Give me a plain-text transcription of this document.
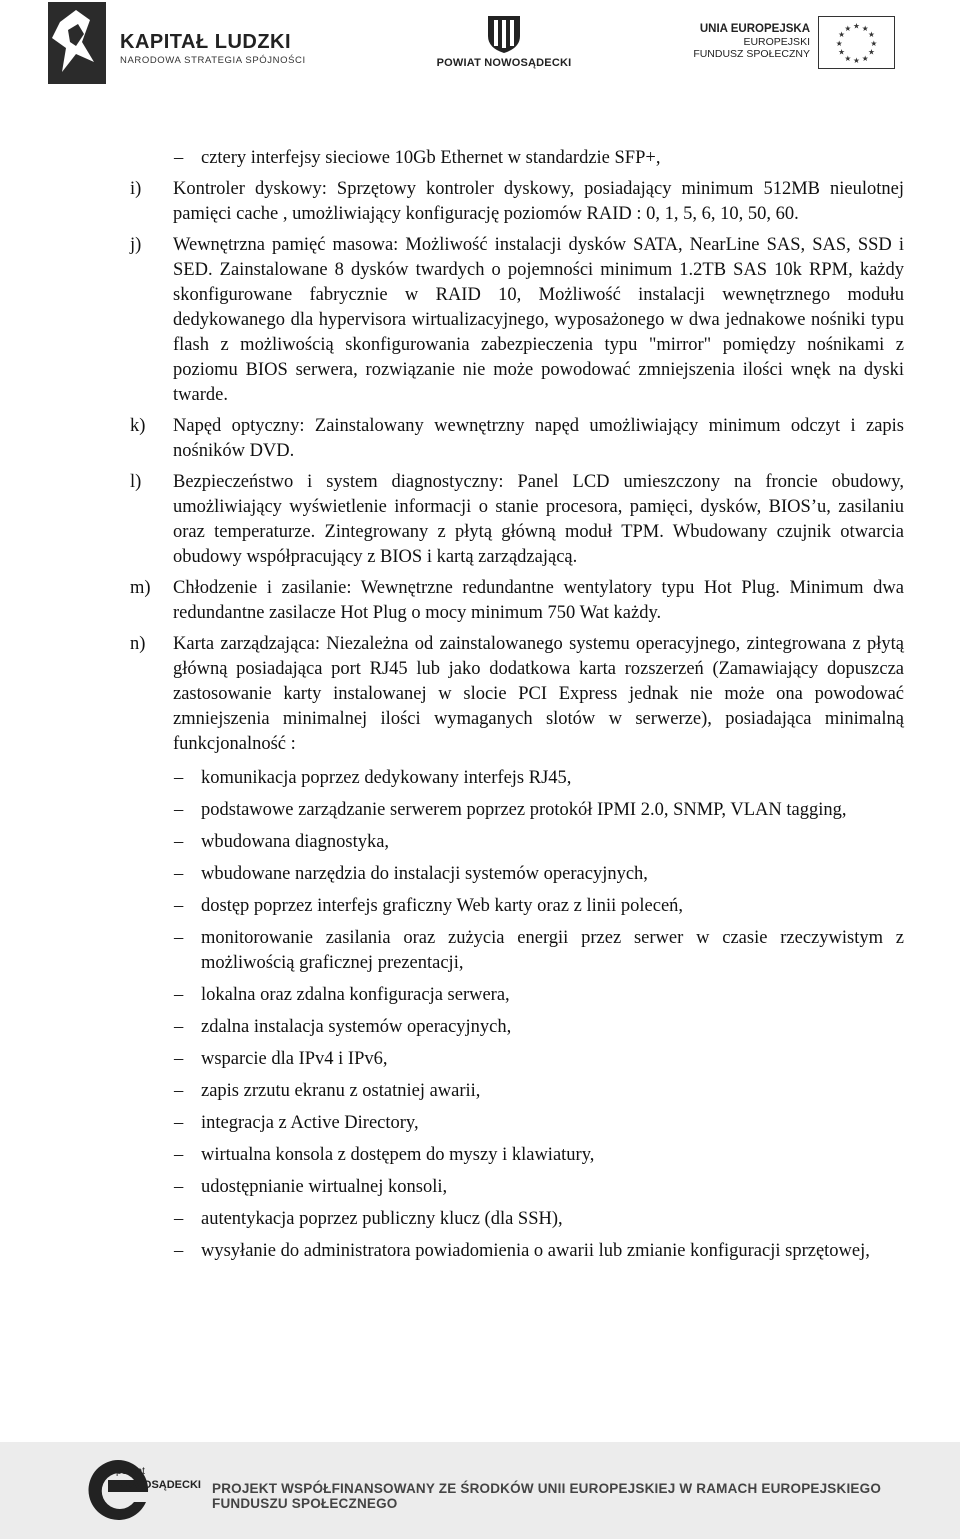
KAPITAŁ LUDZKI
NARODOWA STRATEGIA SPÓJNOŚCI	POWIAT NOWOSĄDECKI
UNIA EUROPEJSKA
EUROPEJSKI
FUNDUSZ SPOŁECZNY
★ ★
★
★
★
★
★
★
★
★
★
★
– cztery interfejsy sieciowe 10Gb Ethernet w standardzie SFP+,
i) Kontroler dyskowy: Sprzętowy kontroler dyskowy, posiadający minimum 512MB nieulotnej pamięci cache , umożliwiający konfigurację poziomów RAID : 0, 1, 5, 6, 10, 50, 60.
j) Wewnętrzna pamięć masowa: Możliwość instalacji dysków SATA, NearLine SAS, SAS, SSD i SED. Zainstalowane 8 dysków twardych o pojemności minimum 1.2TB SAS 10k RPM, każdy skonfigurowane fabrycznie w RAID 10, Możliwość instalacji wewnętrznego modułu dedykowanego dla hypervisora wirtualizacyjnego, wyposażonego w dwa jednakowe nośniki typu flash z możliwością skonfigurowania zabezpieczenia typu "mirror" pomiędzy nośnikami z poziomu BIOS serwera, rozwiązanie nie może powodować zmniejszenia ilości wnęk na dyski twarde.
k) Napęd optyczny: Zainstalowany wewnętrzny napęd umożliwiający minimum odczyt i zapis nośników DVD.
l) Bezpieczeństwo i system diagnostyczny: Panel LCD umieszczony na froncie obudowy, umożliwiający wyświetlenie informacji o stanie procesora, pamięci, dysków, BIOS’u, zasilaniu oraz temperaturze. Zintegrowany z płytą główną moduł TPM. Wbudowany czujnik otwarcia obudowy współpracujący z BIOS i kartą zarządzającą.
m) Chłodzenie i zasilanie: Wewnętrzne redundantne wentylatory typu Hot Plug. Minimum dwa redundantne zasilacze Hot Plug o mocy minimum 750 Wat każdy.
n) Karta zarządzająca: Niezależna od zainstalowanego systemu operacyjnego, zintegrowana z płytą główną posiadająca port RJ45 lub jako dodatkowa karta rozszerzeń (Zamawiający dopuszcza zastosowanie karty instalowanej w slocie PCI Express jednak nie może ona powodować zmniejszenia minimalnej ilości wymaganych slotów w serwerze), posiadająca minimalną funkcjonalność :
– komunikacja poprzez dedykowany interfejs RJ45,
– podstawowe zarządzanie serwerem poprzez protokół IPMI 2.0, SNMP, VLAN tagging,
– wbudowana diagnostyka,
– wbudowane narzędzia do instalacji systemów operacyjnych,
– dostęp poprzez interfejs graficzny Web karty oraz z linii poleceń,
– monitorowanie zasilania oraz zużycia energii przez serwer w czasie rzeczywistym z możliwością graficznej prezentacji,
– lokalna oraz zdalna konfiguracja serwera,
– zdalna instalacja systemów operacyjnych,
– wsparcie dla IPv4 i IPv6,
– zapis zrzutu ekranu z ostatniej awarii,
– integracja z Active Directory,
– wirtualna konsola z dostępem do myszy i klawiatury,
– udostępnianie wirtualnej konsoli,
– autentykacja poprzez publiczny klucz (dla SSH),
– wysyłanie do administratora powiadomienia o awarii lub zmianie konfiguracji sprzętowej,
powiat
NOWOSĄDECKI PROJEKT WSPÓŁFINANSOWANY ZE ŚRODKÓW UNII EUROPEJSKIEJ W RAMACH EUROPEJSKIEGO FUNDUSZU SPOŁECZNEGO
